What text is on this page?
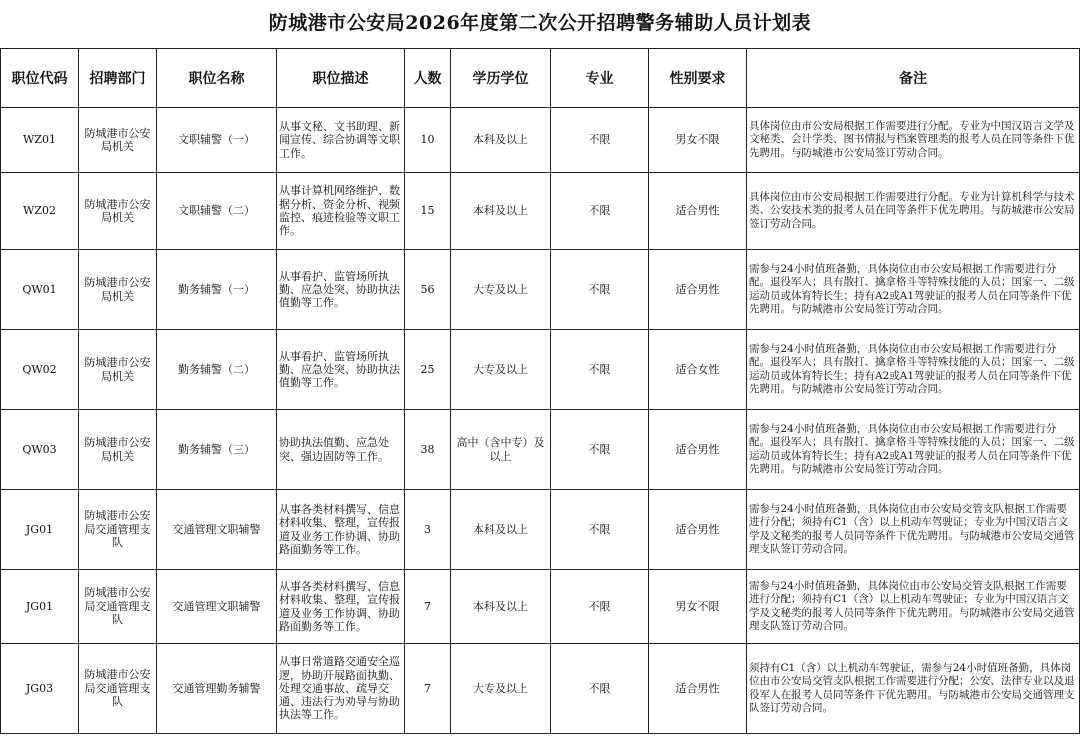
防城港市公安局2026年度第二次公开招聘警务辅助人员计划表
职位代码	招聘部门	职位名称	职位描述	人数	学历学位	专业	性别要求	备注
WZ01	防城港市公安局机关	文职辅警（一）	从事文秘、文书助理、新闻宣传、综合协调等文职工作。	10	本科及以上	不限	男女不限	具体岗位由市公安局根据工作需要进行分配。专业为中国汉语言文学及文秘类、会计学类、图书情报与档案管理类的报考人员在同等条件下优先聘用。与防城港市公安局签订劳动合同。
WZ02	防城港市公安局机关	文职辅警（二）	从事计算机网络维护、数据分析、资金分析、视频监控、痕迹检验等文职工作。	15	本科及以上	不限	适合男性	具体岗位由市公安局根据工作需要进行分配。专业为计算机科学与技术类、公安技术类的报考人员在同等条件下优先聘用。与防城港市公安局签订劳动合同。
QW01	防城港市公安局机关	勤务辅警（一）	从事看护、监管场所执勤、应急处突、协助执法值勤等工作。	56	大专及以上	不限	适合男性	需参与24小时值班备勤，具体岗位由市公安局根据工作需要进行分配。退役军人；具有散打、擒拿格斗等特殊技能的人员；国家一、二级运动员或体育特长生；持有A2或A1驾驶证的报考人员在同等条件下优先聘用。与防城港市公安局签订劳动合同。
QW02	防城港市公安局机关	勤务辅警（二）	从事看护、监管场所执勤、应急处突、协助执法值勤等工作。	25	大专及以上	不限	适合女性	需参与24小时值班备勤，具体岗位由市公安局根据工作需要进行分配。退役军人；具有散打、擒拿格斗等特殊技能的人员；国家一、二级运动员或体育特长生；持有A2或A1驾驶证的报考人员在同等条件下优先聘用。与防城港市公安局签订劳动合同。
QW03	防城港市公安局机关	勤务辅警（三）	协助执法值勤、应急处突、强边固防等工作。	38	高中（含中专）及以上	不限	适合男性	需参与24小时值班备勤，具体岗位由市公安局根据工作需要进行分配。退役军人；具有散打、擒拿格斗等特殊技能的人员；国家一、二级运动员或体育特长生；持有A2或A1驾驶证的报考人员在同等条件下优先聘用。与防城港市公安局签订劳动合同。
JG01	防城港市公安局交通管理支队	交通管理文职辅警	从事各类材料撰写、信息材料收集、整理，宣传报道及业务工作协调、协助路面勤务等工作。	3	本科及以上	不限	适合男性	需参与24小时值班备勤，具体岗位由市公安局交管支队根据工作需要进行分配；须持有C1（含）以上机动车驾驶证；专业为中国汉语言文学及文秘类的报考人员同等条件下优先聘用。与防城港市公安局交通管理支队签订劳动合同。
JG01	防城港市公安局交通管理支队	交通管理文职辅警	从事各类材料撰写、信息材料收集、整理，宣传报道及业务工作协调、协助路面勤务等工作。	7	本科及以上	不限	男女不限	需参与24小时值班备勤，具体岗位由市公安局交管支队根据工作需要进行分配；须持有C1（含）以上机动车驾驶证；专业为中国汉语言文学及文秘类的报考人员同等条件下优先聘用。与防城港市公安局交通管理支队签订劳动合同。
JG03	防城港市公安局交通管理支队	交通管理勤务辅警	从事日常道路交通安全巡逻，协助开展路面执勤、处理交通事故、疏导交通、违法行为劝导与协助执法等工作。	7	大专及以上	不限	适合男性	须持有C1（含）以上机动车驾驶证，需参与24小时值班备勤，具体岗位由市公安局交管支队根据工作需要进行分配；公安、法律专业以及退役军人在报考人员同等条件下优先聘用。与防城港市公安局交通管理支队签订劳动合同。
